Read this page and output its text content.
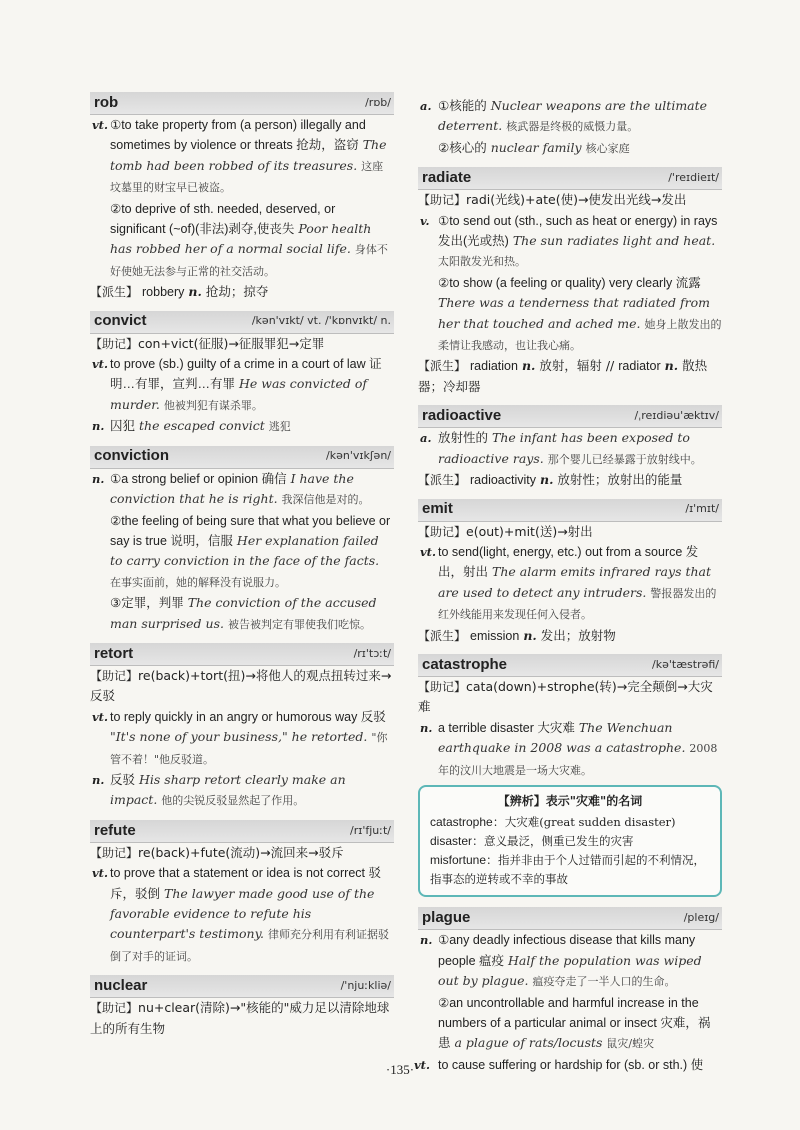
rob	/rɒb/

vt. ①to take property from (a person) illegally and sometimes by violence or threats 抢劫，盗窃 The tomb had been robbed of its treasures. 这座坟墓里的财宝早已被盗。

②to deprive of sth. needed, deserved, or significant (~of)(非法)剥夺,使丧失 Poor health has robbed her of a normal social life. 身体不好使她无法参与正常的社交活动。

【派生】 robbery n. 抢劫；掠夺

convict	/kən'vɪkt/ vt. /'kɒnvɪkt/ n.

【助记】con+vict(征服)→征服罪犯→定罪

vt. to prove (sb.) guilty of a crime in a court of law 证明…有罪，宣判…有罪 He was convicted of murder. 他被判犯有谋杀罪。

n. 囚犯 the escaped convict 逃犯

conviction	/kən'vɪkʃən/

n. ①a strong belief or opinion 确信 I have the conviction that he is right. 我深信他是对的。

②the feeling of being sure that what you believe or say is true 说明，信服 Her explanation failed to carry conviction in the face of the facts. 在事实面前，她的解释没有说服力。

③定罪，判罪 The conviction of the accused man surprised us. 被告被判定有罪使我们吃惊。

retort	/rɪ'tɔːt/

【助记】re(back)+tort(扭)→将他人的观点扭转过来→反驳

vt. to reply quickly in an angry or humorous way 反驳 "It's none of your business," he retorted. "你管不着！"他反驳道。

n. 反驳 His sharp retort clearly make an impact. 他的尖锐反驳显然起了作用。

refute	/rɪ'fjuːt/

【助记】re(back)+fute(流动)→流回来→驳斥

vt. to prove that a statement or idea is not correct 驳斥，驳倒 The lawyer made good use of the favorable evidence to refute his counterpart's testimony. 律师充分利用有利证据驳倒了对手的证词。

nuclear	/'njuːkliə/

【助记】nu+clear(清除)→"核能的"威力足以清除地球上的所有生物

a. ①核能的 Nuclear weapons are the ultimate deterrent. 核武器是终极的威慑力量。

②核心的 nuclear family 核心家庭

radiate	/'reɪdieɪt/

【助记】radi(光线)+ate(使)→使发出光线→发出

v. ①to send out (sth., such as heat or energy) in rays 发出(光或热) The sun radiates light and heat. 太阳散发光和热。

②to show (a feeling or quality) very clearly 流露 There was a tenderness that radiated from her that touched and ached me. 她身上散发出的柔情让我感动，也让我心痛。

【派生】 radiation n. 放射，辐射 // radiator n. 散热器；冷却器

radioactive	/ˌreɪdiəu'æktɪv/

a. 放射性的 The infant has been exposed to radioactive rays. 那个婴儿已经暴露于放射线中。

【派生】 radioactivity n. 放射性；放射出的能量

emit	/ɪ'mɪt/

【助记】e(out)+mit(送)→射出

vt. to send(light, energy, etc.) out from a source 发出，射出 The alarm emits infrared rays that are used to detect any intruders. 警报器发出的红外线能用来发现任何入侵者。

【派生】 emission n. 发出；放射物

catastrophe	/kə'tæstrəfi/

【助记】cata(down)+strophe(转)→完全颠倒→大灾难

n. a terrible disaster 大灾难 The Wenchuan earthquake in 2008 was a catastrophe. 2008年的汶川大地震是一场大灾难。

【辨析】表示"灾难"的名词
catastrophe：大灾难(great sudden disaster)
disaster：意义最泛，侧重已发生的灾害
misfortune：指并非由于个人过错而引起的不利情况，指事态的逆转或不幸的事故
plague	/pleɪg/

n. ①any deadly infectious disease that kills many people 瘟疫 Half the population was wiped out by plague. 瘟疫夺走了一半人口的生命。

②an uncontrollable and harmful increase in the numbers of a particular animal or insect 灾难，祸患 a plague of rats/locusts 鼠灾/蝗灾

vt. to cause suffering or hardship for (sb. or sth.) 使

·135·
